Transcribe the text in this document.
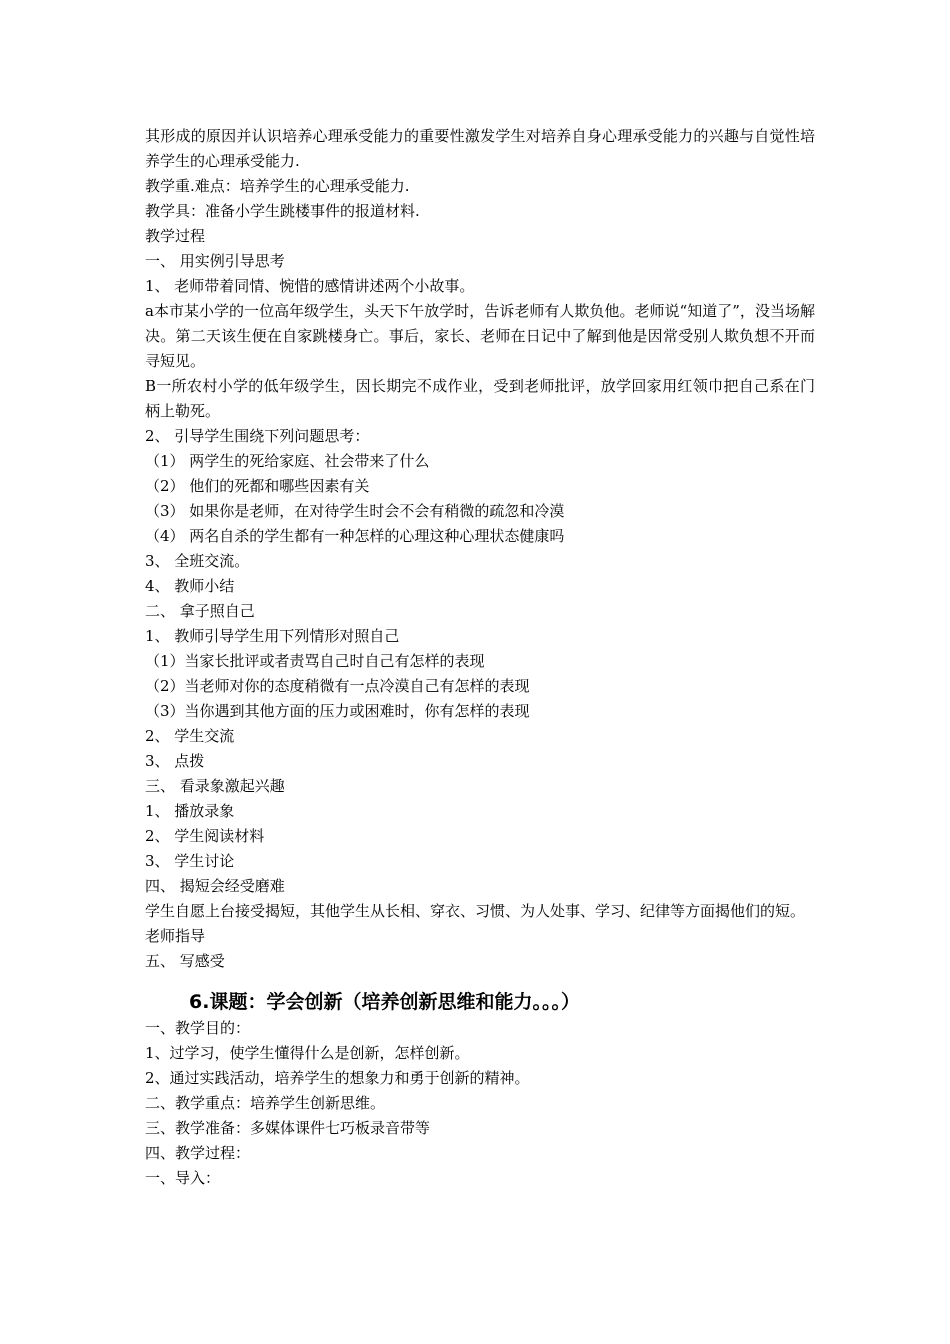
其形成的原因并认识培养心理承受能力的重要性激发学生对培养自身心理承受能力的兴趣与自觉性培养学生的心理承受能力.

教学重.难点：培养学生的心理承受能力.

教学具：准备小学生跳楼事件的报道材料.

教学过程

一、 用实例引导思考

1、 老师带着同情、惋惜的感情讲述两个小故事。

a本市某小学的一位高年级学生，头天下午放学时，告诉老师有人欺负他。老师说“知道了”，没当场解决。第二天该生便在自家跳楼身亡。事后，家长、老师在日记中了解到他是因常受别人欺负想不开而寻短见。

B一所农村小学的低年级学生，因长期完不成作业，受到老师批评，放学回家用红领巾把自己系在门柄上勒死。

2、 引导学生围绕下列问题思考：

（1） 两学生的死给家庭、社会带来了什么

（2） 他们的死都和哪些因素有关

（3） 如果你是老师，在对待学生时会不会有稍微的疏忽和冷漠

（4） 两名自杀的学生都有一种怎样的心理这种心理状态健康吗

3、 全班交流。

4、 教师小结

二、 拿子照自己

1、 教师引导学生用下列情形对照自己

（1）当家长批评或者责骂自己时自己有怎样的表现

（2）当老师对你的态度稍微有一点冷漠自己有怎样的表现

（3）当你遇到其他方面的压力或困难时，你有怎样的表现

2、 学生交流

3、 点拨

三、 看录象激起兴趣

1、 播放录象

2、 学生阅读材料

3、 学生讨论

四、 揭短会经受磨难

学生自愿上台接受揭短，其他学生从长相、穿衣、习惯、为人处事、学习、纪律等方面揭他们的短。

老师指导

五、 写感受

6.课题：学会创新（培养创新思维和能力。。。）

一、教学目的：

1、过学习，使学生懂得什么是创新，怎样创新。

2、通过实践活动，培养学生的想象力和勇于创新的精神。

二、教学重点：培养学生创新思维。

三、教学准备：多媒体课件七巧板录音带等

四、教学过程：

一、导入：
